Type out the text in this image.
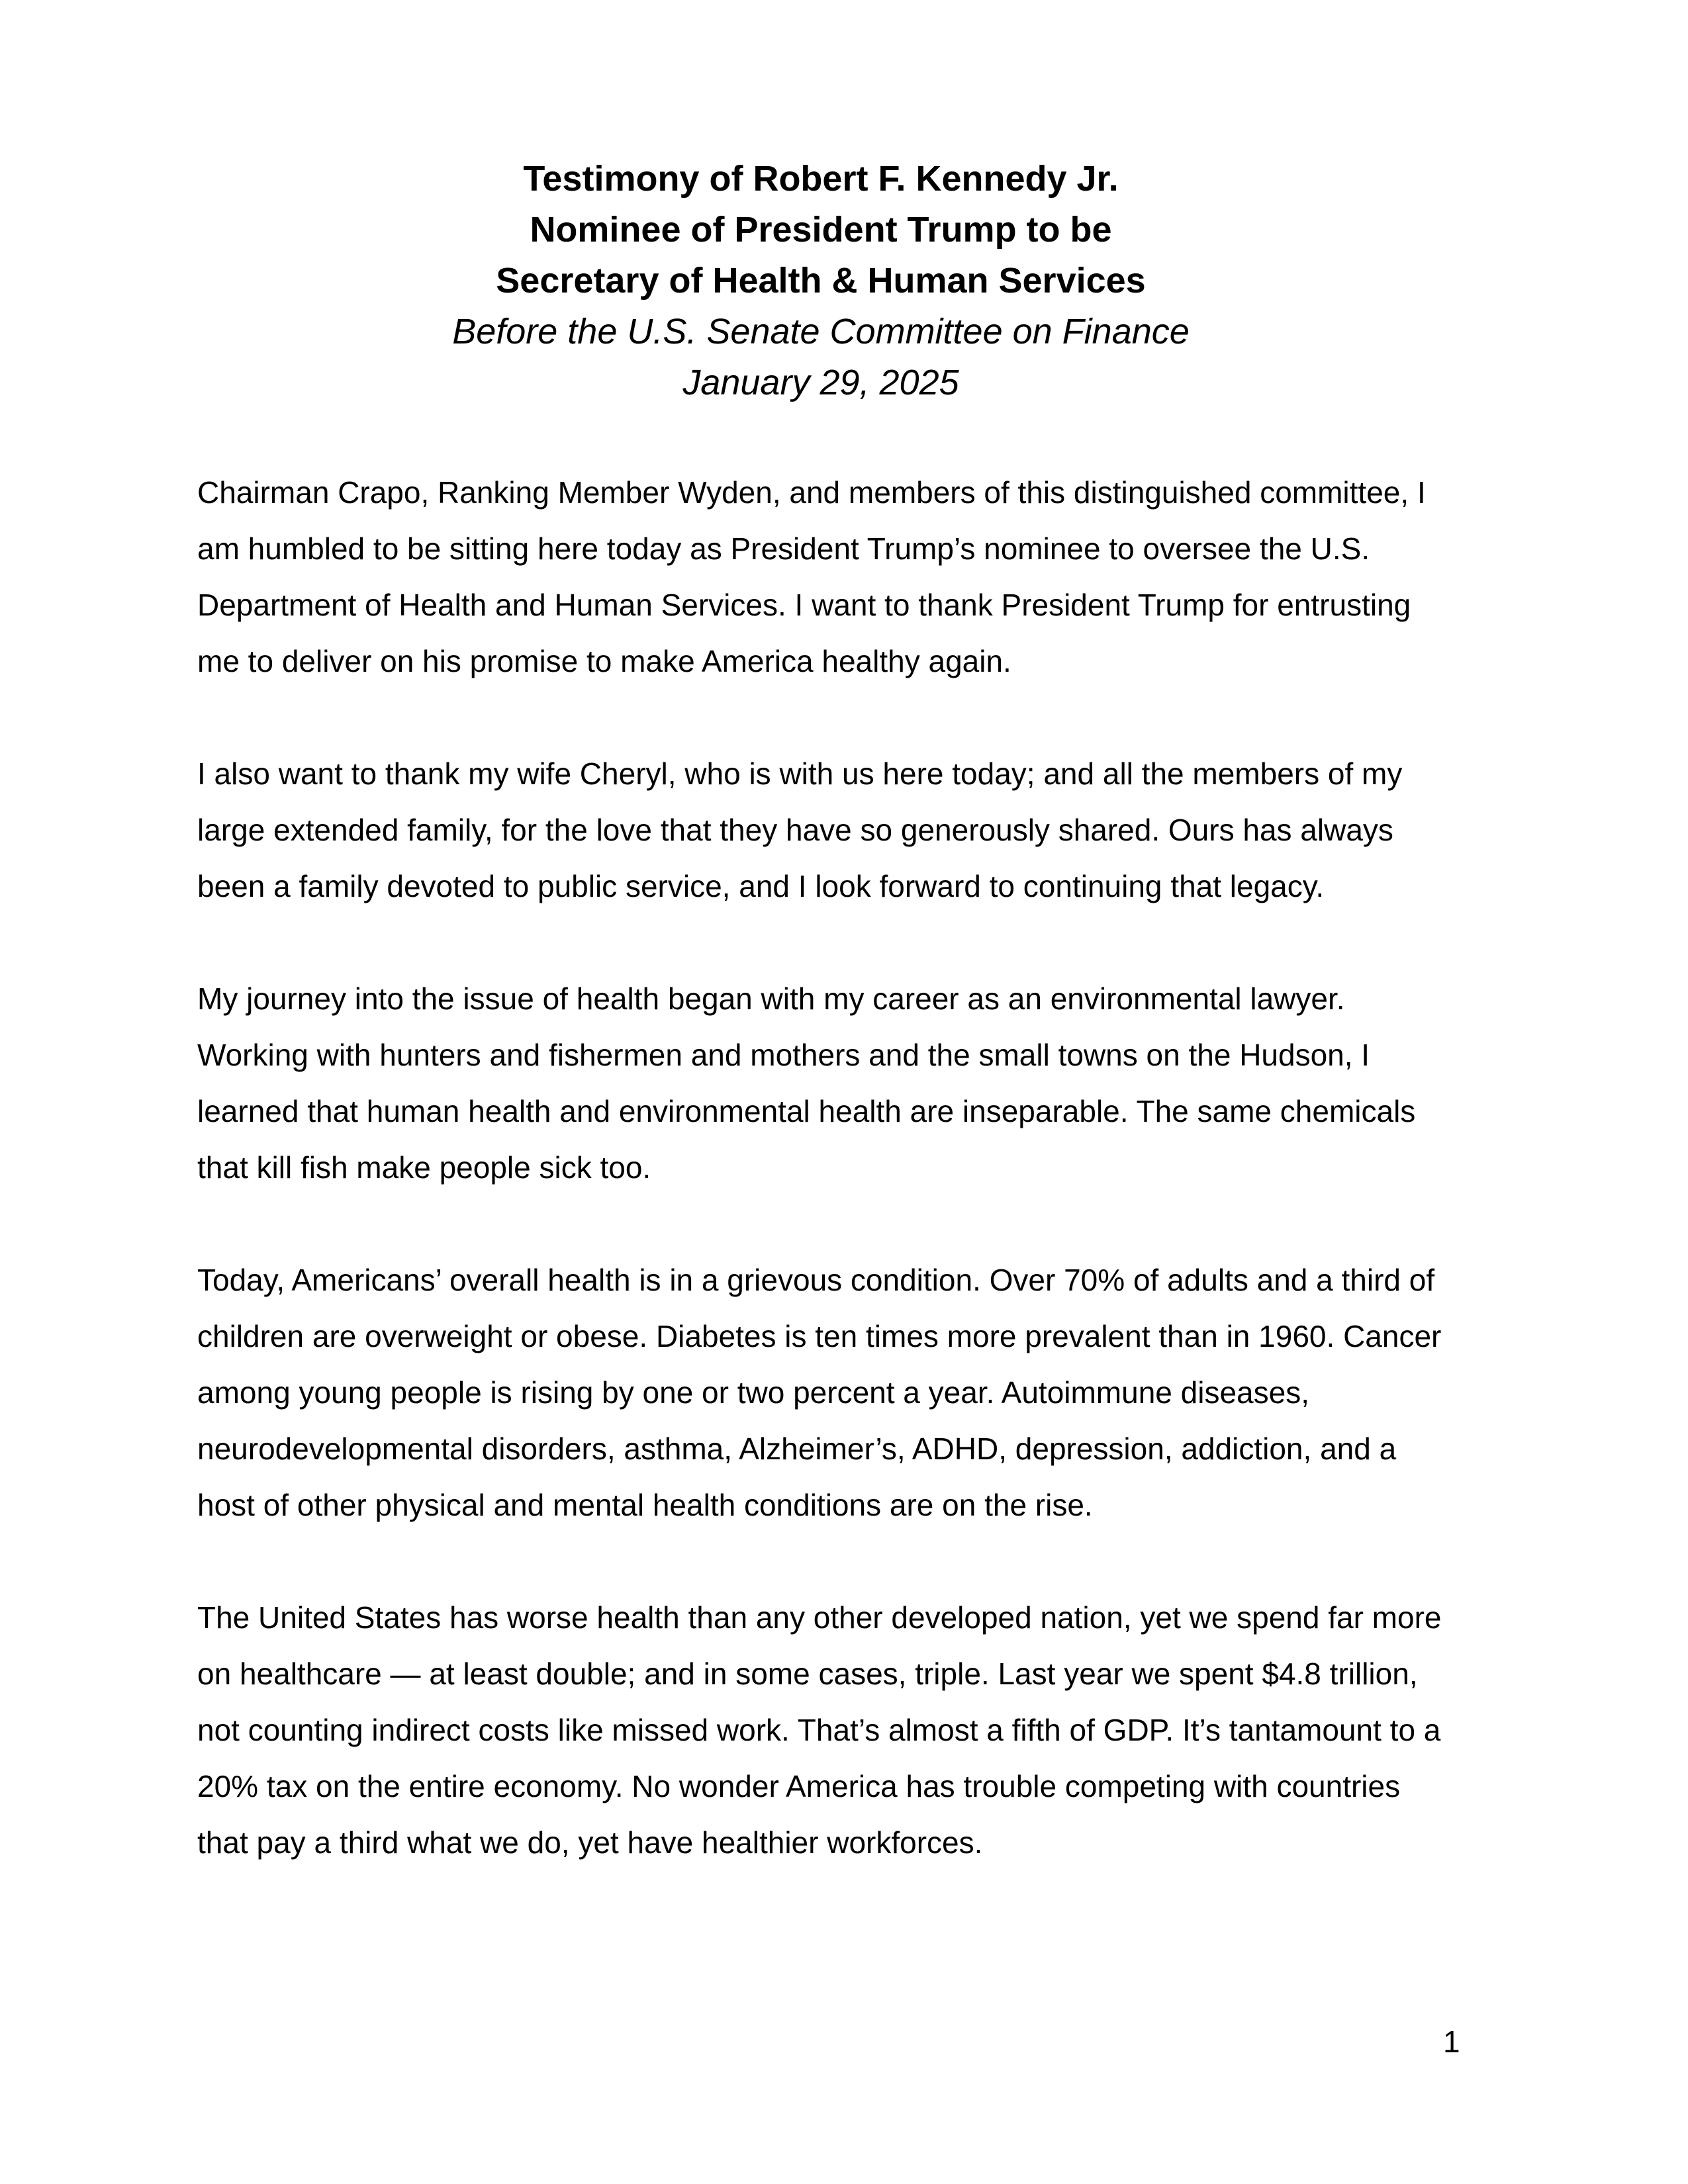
Testimony of Robert F. Kennedy Jr.
Nominee of President Trump to be
Secretary of Health & Human Services
Before the U.S. Senate Committee on Finance
January 29, 2025

Chairman Crapo, Ranking Member Wyden, and members of this distinguished committee, I
am humbled to be sitting here today as President Trump’s nominee to oversee the U.S.
Department of Health and Human Services. I want to thank President Trump for entrusting
me to deliver on his promise to make America healthy again.

I also want to thank my wife Cheryl, who is with us here today; and all the members of my
large extended family, for the love that they have so generously shared. Ours has always
been a family devoted to public service, and I look forward to continuing that legacy.

My journey into the issue of health began with my career as an environmental lawyer.
Working with hunters and fishermen and mothers and the small towns on the Hudson, I
learned that human health and environmental health are inseparable. The same chemicals
that kill fish make people sick too.

Today, Americans’ overall health is in a grievous condition. Over 70% of adults and a third of
children are overweight or obese. Diabetes is ten times more prevalent than in 1960. Cancer
among young people is rising by one or two percent a year. Autoimmune diseases,
neurodevelopmental disorders, asthma, Alzheimer’s, ADHD, depression, addiction, and a
host of other physical and mental health conditions are on the rise.

The United States has worse health than any other developed nation, yet we spend far more
on healthcare — at least double; and in some cases, triple. Last year we spent $4.8 trillion,
not counting indirect costs like missed work. That’s almost a fifth of GDP. It’s tantamount to a
20% tax on the entire economy. No wonder America has trouble competing with countries
that pay a third what we do, yet have healthier workforces.

1
